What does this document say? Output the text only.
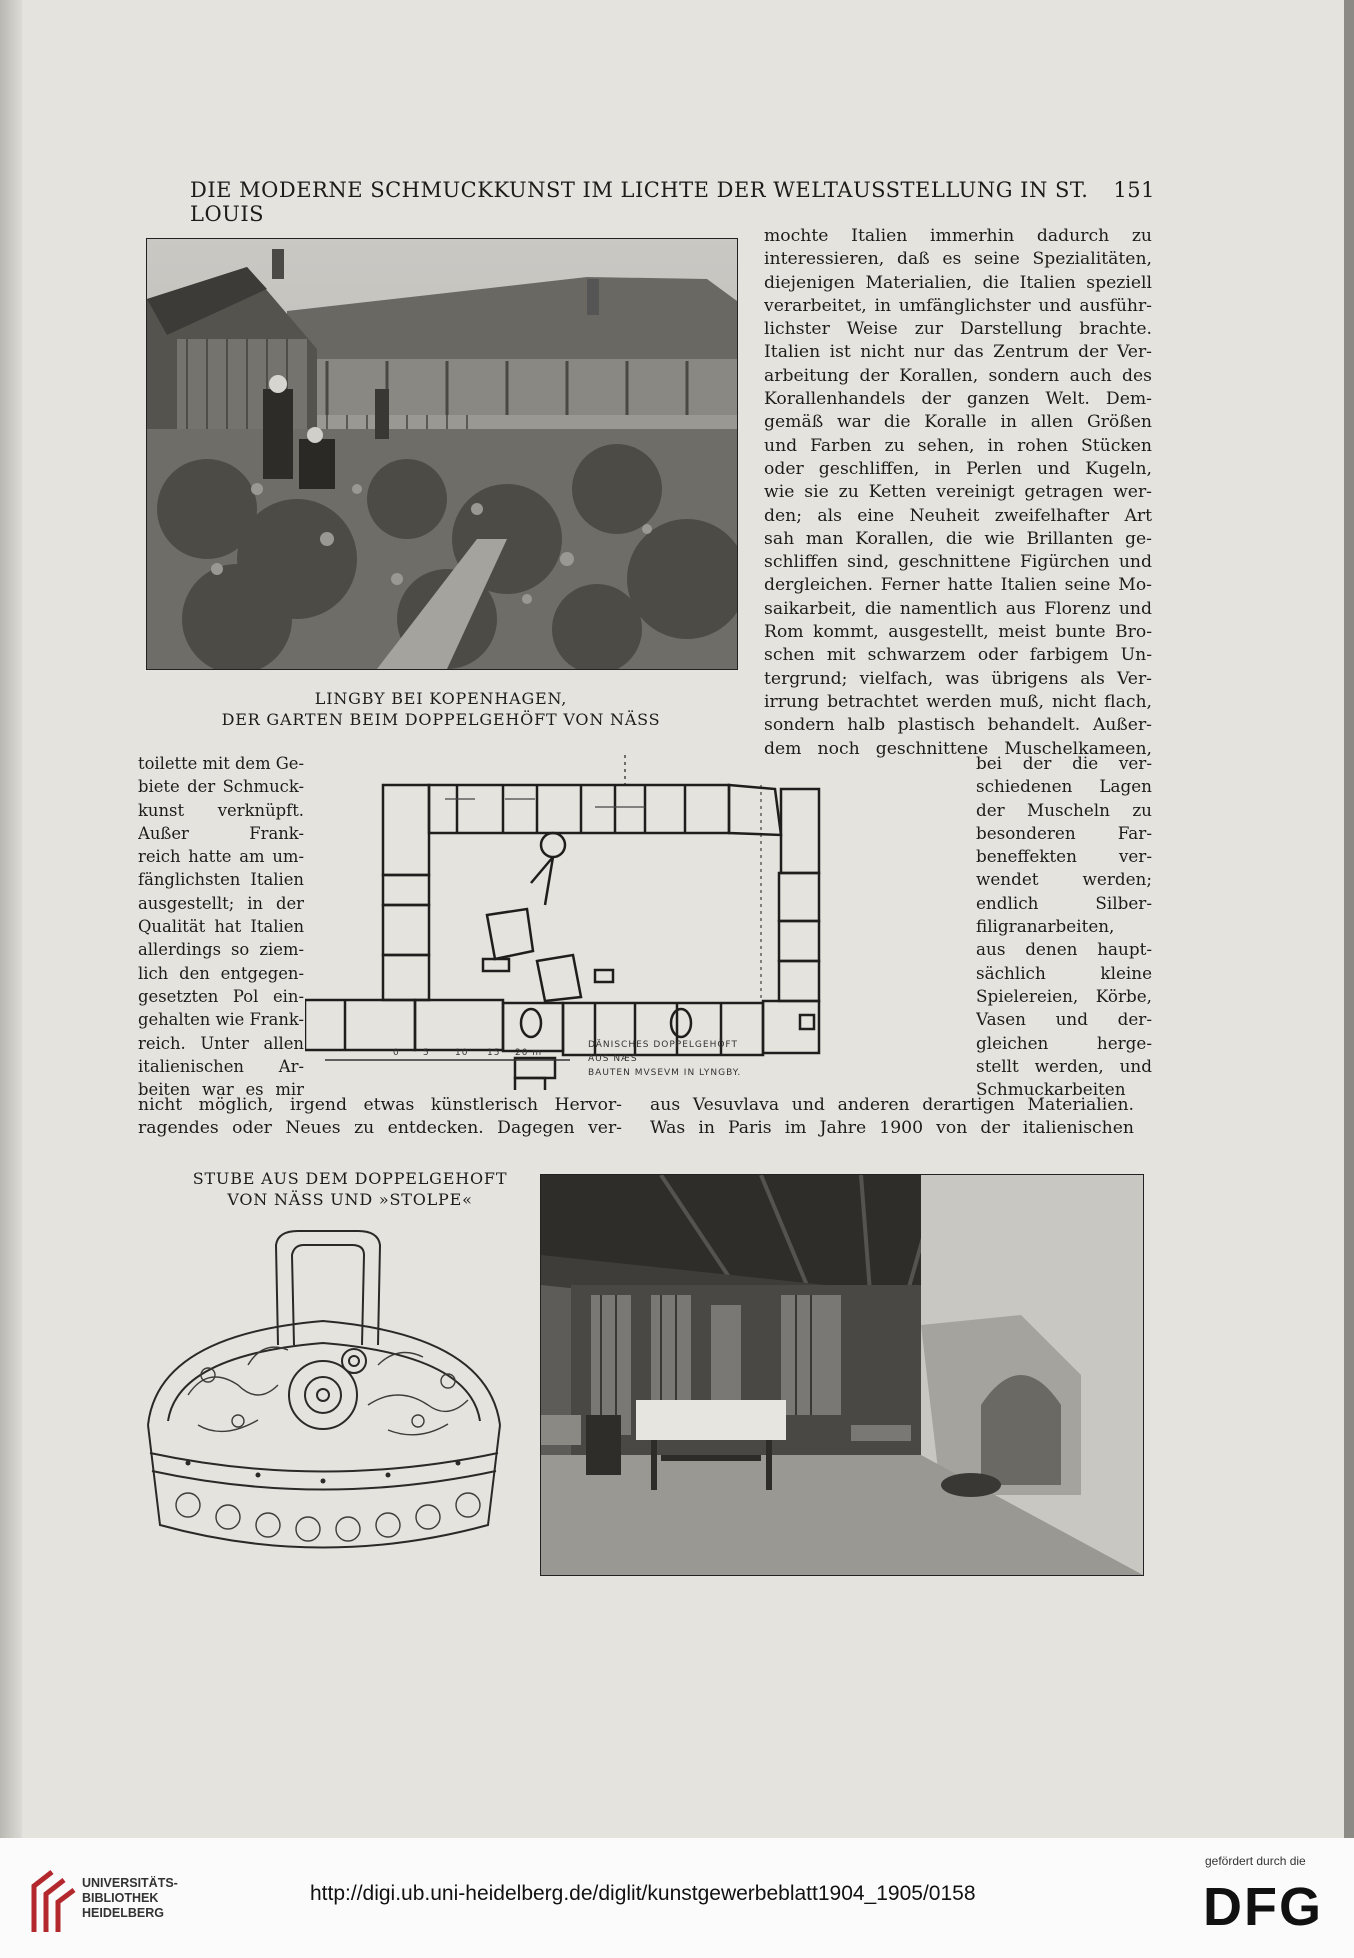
DIE MODERNE SCHMUCKKUNST IM LICHTE DER WELTAUSSTELLUNG IN ST. LOUIS
151
LINGBY BEI KOPENHAGEN,
DER GARTEN BEIM DOPPELGEHÖFT VON NÄSS
mochte Italien immerhin dadurch zu
interessieren, daß es seine Spezialitäten,
diejenigen Materialien, die Italien speziell
verarbeitet, in umfänglichster und ausführ-
lichster Weise zur Darstellung brachte.
Italien ist nicht nur das Zentrum der Ver-
arbeitung der Korallen, sondern auch des
Korallenhandels der ganzen Welt. Dem-
gemäß war die Koralle in allen Größen
und Farben zu sehen, in rohen Stücken
oder geschliffen, in Perlen und Kugeln,
wie sie zu Ketten vereinigt getragen wer-
den; als eine Neuheit zweifelhafter Art
sah man Korallen, die wie Brillanten ge-
schliffen sind, geschnittene Figürchen und
dergleichen. Ferner hatte Italien seine Mo-
saikarbeit, die namentlich aus Florenz und
Rom kommt, ausgestellt, meist bunte Bro-
schen mit schwarzem oder farbigem Un-
tergrund; vielfach, was übrigens als Ver-
irrung betrachtet werden muß, nicht flach,
sondern halb plastisch behandelt. Außer-
dem noch geschnittene Muschelkameen,
0	5	10 15 20 m
DÄNISCHES DOPPELGEHÖFT
AUS NÆS
BAUTEN MVSEVM IN LYNGBY.
toilette mit dem Ge-
biete der Schmuck-
kunst verknüpft.
Außer Frank-
reich hatte am um-
fänglichsten Italien
ausgestellt; in der
Qualität hat Italien
allerdings so ziem-
lich den entgegen-
gesetzten Pol ein-
gehalten wie Frank-
reich. Unter allen
italienischen Ar-
beiten war es mir
bei der die ver-
schiedenen Lagen
der Muscheln zu
besonderen Far-
beneffekten ver-
wendet werden;
endlich Silber-
filigranarbeiten,
aus denen haupt-
sächlich kleine
Spielereien, Körbe,
Vasen und der-
gleichen herge-
stellt werden, und
Schmuckarbeiten
nicht möglich, irgend etwas künstlerisch Hervor-
ragendes oder Neues zu entdecken. Dagegen ver-
aus Vesuvlava und anderen derartigen Materialien.
Was in Paris im Jahre 1900 von der italienischen
STUBE AUS DEM DOPPELGEHOFT
VON NÄSS UND »STOLPE«
UNIVERSITÄTS-
BIBLIOTHEK
HEIDELBERG
http://digi.ub.uni-heidelberg.de/diglit/kunstgewerbeblatt1904_1905/0158
gefördert durch die
DFG
